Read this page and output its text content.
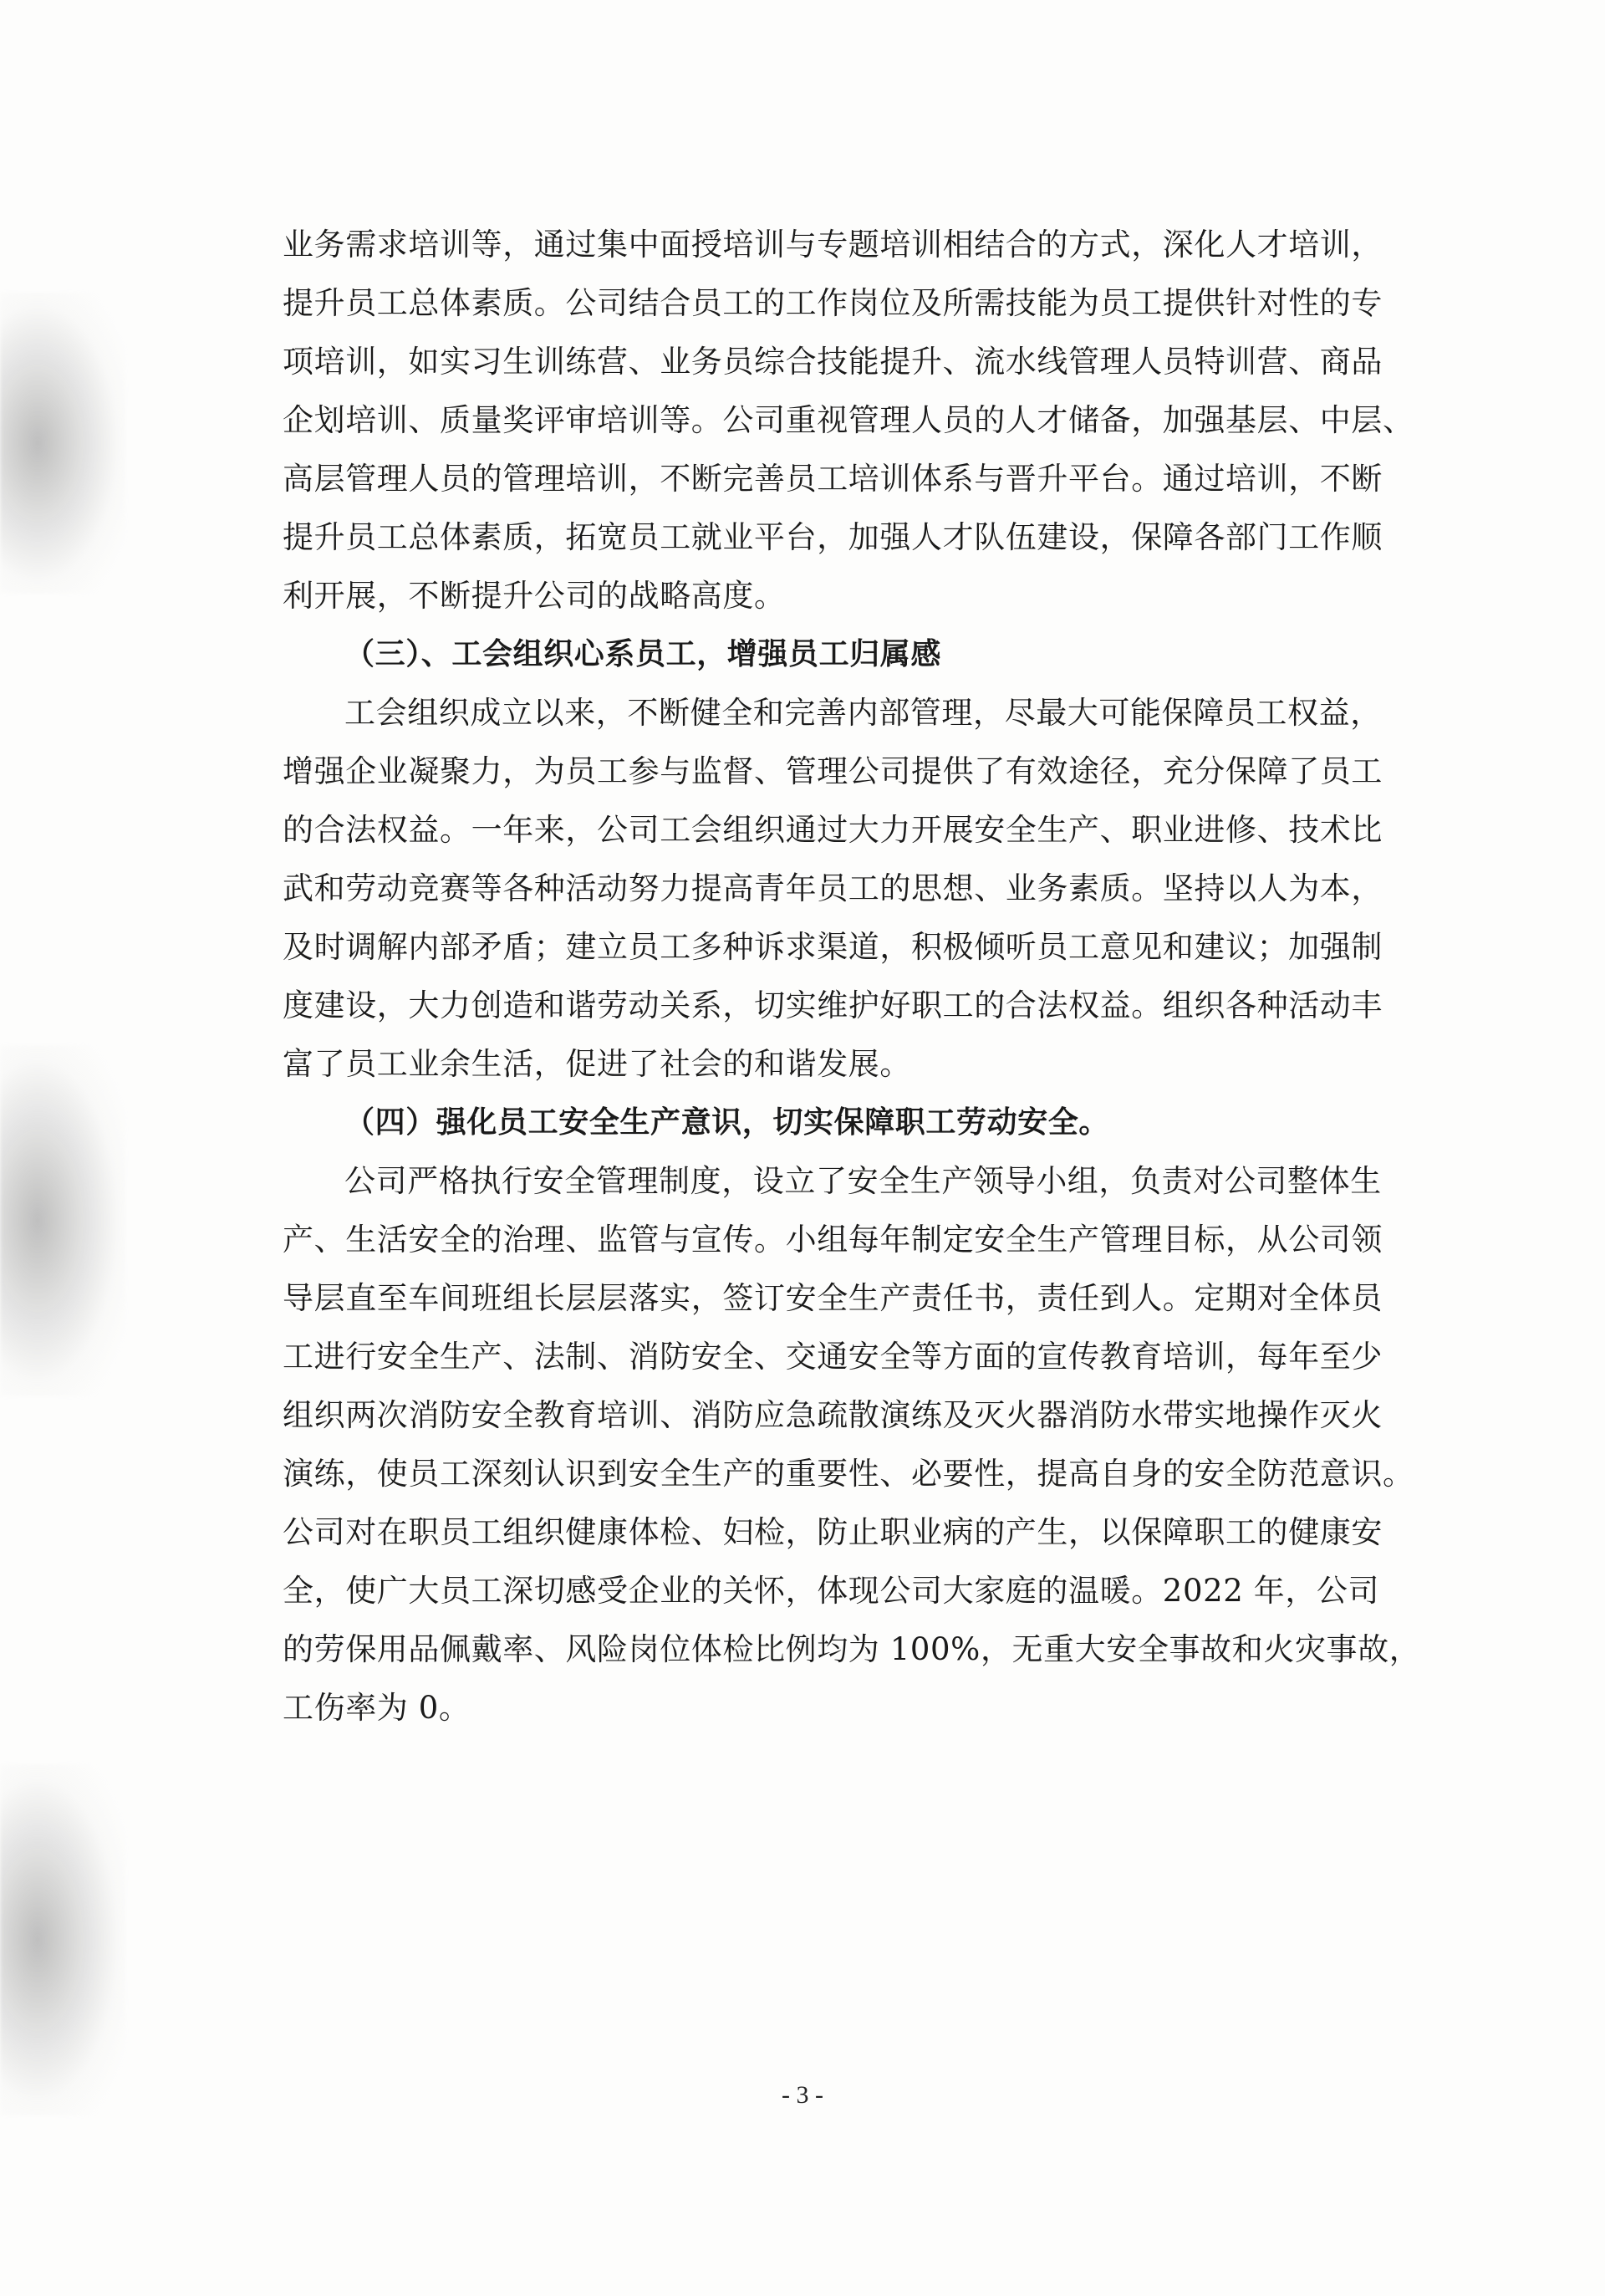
业务需求培训等，通过集中面授培训与专题培训相结合的方式，深化人才培训，
提升员工总体素质。公司结合员工的工作岗位及所需技能为员工提供针对性的专
项培训，如实习生训练营、业务员综合技能提升、流水线管理人员特训营、商品
企划培训、质量奖评审培训等。公司重视管理人员的人才储备，加强基层、中层、
高层管理人员的管理培训，不断完善员工培训体系与晋升平台。通过培训，不断
提升员工总体素质，拓宽员工就业平台，加强人才队伍建设，保障各部门工作顺
利开展，不断提升公司的战略高度。
（三）、工会组织心系员工，增强员工归属感
工会组织成立以来，不断健全和完善内部管理，尽最大可能保障员工权益，
增强企业凝聚力，为员工参与监督、管理公司提供了有效途径，充分保障了员工
的合法权益。一年来，公司工会组织通过大力开展安全生产、职业进修、技术比
武和劳动竞赛等各种活动努力提高青年员工的思想、业务素质。坚持以人为本，
及时调解内部矛盾；建立员工多种诉求渠道，积极倾听员工意见和建议；加强制
度建设，大力创造和谐劳动关系，切实维护好职工的合法权益。组织各种活动丰
富了员工业余生活，促进了社会的和谐发展。
（四）强化员工安全生产意识，切实保障职工劳动安全。
公司严格执行安全管理制度，设立了安全生产领导小组，负责对公司整体生
产、生活安全的治理、监管与宣传。小组每年制定安全生产管理目标，从公司领
导层直至车间班组长层层落实，签订安全生产责任书，责任到人。定期对全体员
工进行安全生产、法制、消防安全、交通安全等方面的宣传教育培训，每年至少
组织两次消防安全教育培训、消防应急疏散演练及灭火器消防水带实地操作灭火
演练，使员工深刻认识到安全生产的重要性、必要性，提高自身的安全防范意识。
公司对在职员工组织健康体检、妇检，防止职业病的产生，以保障职工的健康安
全，使广大员工深切感受企业的关怀，体现公司大家庭的温暖。2022 年，公司
的劳保用品佩戴率、风险岗位体检比例均为 100%，无重大安全事故和火灾事故，
工伤率为 0。
- 3 -
